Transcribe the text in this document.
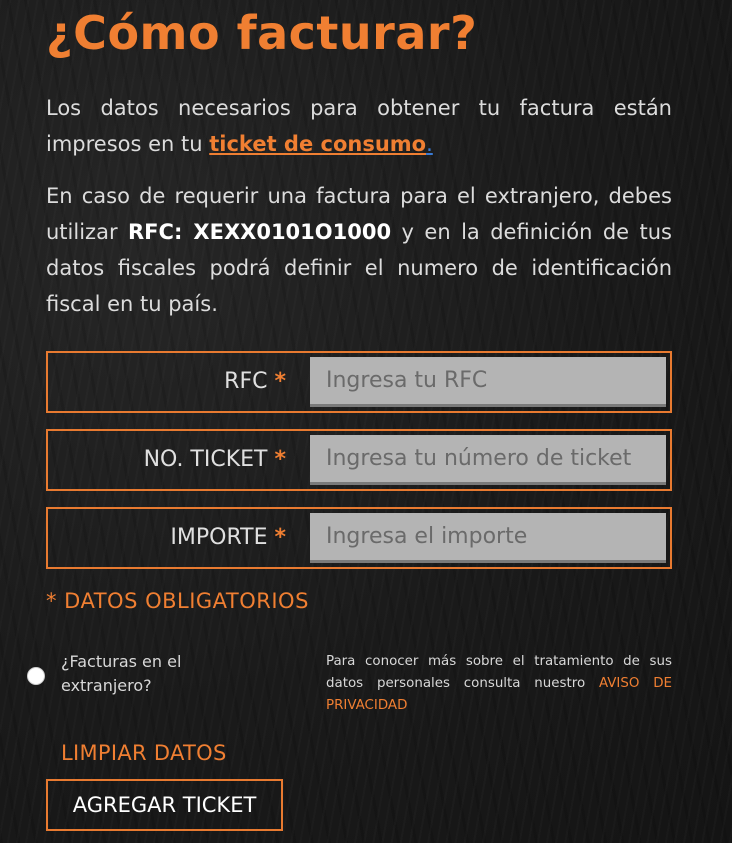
¿Cómo facturar?

Los datos necesarios para obtener tu factura están impresos en tu ticket de consumo.

En caso de requerir una factura para el extranjero, debes utilizar RFC: XEXX0101O1000 y en la definición de tus datos fiscales podrá definir el numero de identificación fiscal en tu país.

RFC *
Ingresa tu RFC
NO. TICKET *
Ingresa tu número de ticket
IMPORTE *
Ingresa el importe
* DATOS OBLIGATORIOS
¿Facturas en el extranjero?
Para conocer más sobre el tratamiento de sus datos personales consulta nuestro AVISO DE PRIVACIDAD
LIMPIAR DATOS
AGREGAR TICKET
